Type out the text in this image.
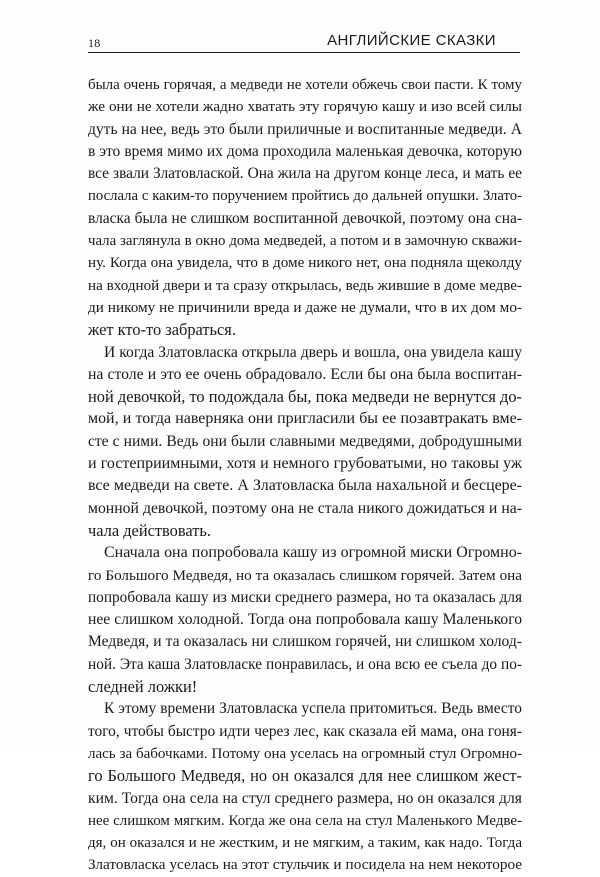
18	АНГЛИЙСКИЕ СКАЗКИ

была очень горячая, а медведи не хотели обжечь свои пасти. К тому
же они не хотели жадно хватать эту горячую кашу и изо всей силы
дуть на нее, ведь это были приличные и воспитанные медведи. А
в это время мимо их дома проходила маленькая девочка, которую
все звали Златовлаской. Она жила на другом конце леса, и мать ее
послала с каким-то поручением пройтись до дальней опушки. Злато-
власка была не слишком воспитанной девочкой, поэтому она сна-
чала заглянула в окно дома медведей, а потом и в замочную скважи-
ну. Когда она увидела, что в доме никого нет, она подняла щеколду
на входной двери и та сразу открылась, ведь жившие в доме медве-
ди никому не причинили вреда и даже не думали, что в их дом мо-
жет кто-то забраться.

И когда Златовласка открыла дверь и вошла, она увидела кашу
на столе и это ее очень обрадовало. Если бы она была воспитан-
ной девочкой, то подождала бы, пока медведи не вернутся до-
мой, и тогда наверняка они пригласили бы ее позавтракать вме-
сте с ними. Ведь они были славными медведями, добродушными
и гостеприимными, хотя и немного грубоватыми, но таковы уж
все медведи на свете. А Златовласка была нахальной и бесцере-
монной девочкой, поэтому она не стала никого дожидаться и на-
чала действовать.

Сначала она попробовала кашу из огромной миски Огромно-
го Большого Медведя, но та оказалась слишком горячей. Затем она
попробовала кашу из миски среднего размера, но та оказалась для
нее слишком холодной. Тогда она попробовала кашу Маленького
Медведя, и та оказалась ни слишком горячей, ни слишком холод-
ной. Эта каша Златовласке понравилась, и она всю ее съела до по-
следней ложки!

К этому времени Златовласка успела притомиться. Ведь вместо
того, чтобы быстро идти через лес, как сказала ей мама, она гоня-
лась за бабочками. Потому она уселась на огромный стул Огромно-
го Большого Медведя, но он оказался для нее слишком жест-
ким. Тогда она села на стул среднего размера, но он оказался для
нее слишком мягким. Когда же она села на стул Маленького Медве-
дя, он оказался и не жестким, и не мягким, а таким, как надо. Тогда
Златовласка уселась на этот стульчик и посидела на нем некоторое
